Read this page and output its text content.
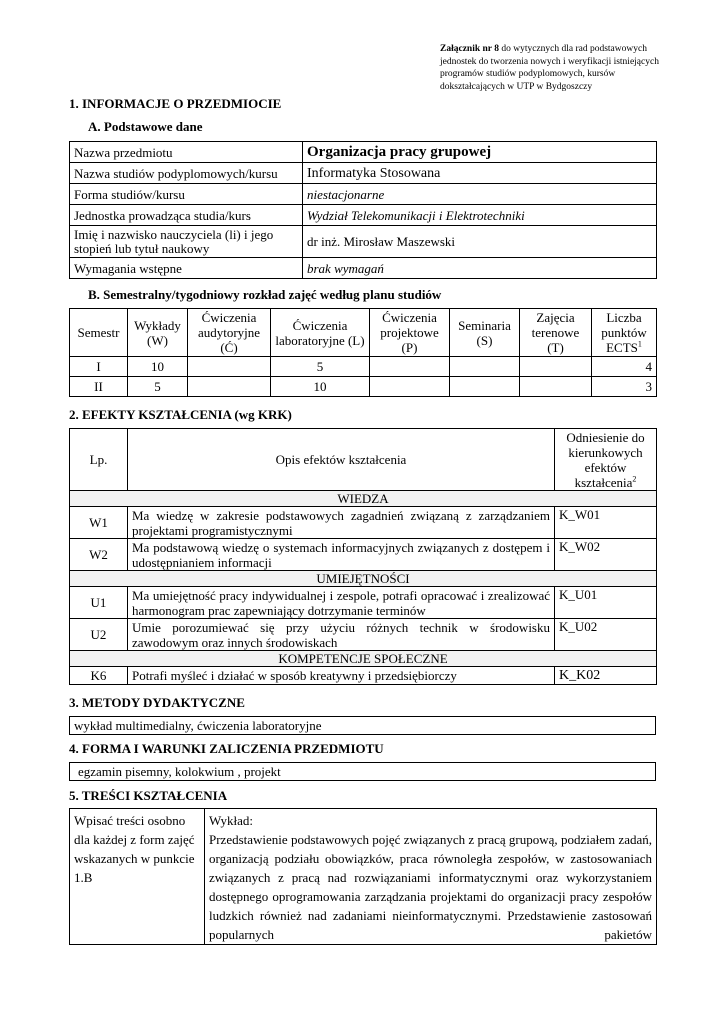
Załącznik nr 8 do wytycznych dla rad podstawowych jednostek do tworzenia nowych i weryfikacji istniejących programów studiów podyplomowych, kursów dokształcających w UTP w Bydgoszczy
1. INFORMACJE O PRZEDMIOCIE
A. Podstawowe dane
Nazwa przedmiotu	Organizacja pracy grupowej
Nazwa studiów podyplomowych/kursu	Informatyka Stosowana
Forma studiów/kursu	niestacjonarne
Jednostka prowadząca studia/kurs	Wydział Telekomunikacji i Elektrotechniki
Imię i nazwisko nauczyciela (li) i jego stopień lub tytuł naukowy	dr inż. Mirosław Maszewski
Wymagania wstępne	brak wymagań
B. Semestralny/tygodniowy rozkład zajęć według planu studiów
Semestr	Wykłady (W)	Ćwiczenia audytoryjne (Ć)	Ćwiczenia laboratoryjne (L)	Ćwiczenia projektowe (P)	Seminaria (S)	Zajęcia terenowe (T)	Liczba punktów ECTS$^1$
I	10		5				4
II	5		10				3
2. EFEKTY KSZTAŁCENIA (wg KRK)
Lp.	Opis efektów kształcenia	Odniesienie do kierunkowych efektów kształcenia$^2$
WIEDZA		
W1	Ma wiedzę w zakresie podstawowych zagadnień związaną z zarządzaniem projektami programistycznymi	K_W01
W2	Ma podstawową wiedzę o systemach informacyjnych związanych z dostępem i udostępnianiem informacji	K_W02
UMIEJĘTNOŚCI		
U1	Ma umiejętność pracy indywidualnej i zespole, potrafi opracować i zrealizować harmonogram prac zapewniający dotrzymanie terminów	K_U01
U2	Umie porozumiewać się przy użyciu różnych technik w środowisku zawodowym oraz innych środowiskach	K_U02
KOMPETENCJE SPOŁECZNE		
K6	Potrafi myśleć i działać w sposób kreatywny i przedsiębiorczy	K_K02
3. METODY DYDAKTYCZNE
wykład multimedialny, ćwiczenia laboratoryjne
4. FORMA I WARUNKI ZALICZENIA PRZEDMIOTU
egzamin pisemny, kolokwium , projekt
5. TREŚCI KSZTAŁCENIA
Wpisać treści osobno dla każdej z form zajęć wskazanych w punkcie 1.B	
Wykład:
Przedstawienie podstawowych pojęć związanych z pracą grupową, podziałem zadań, organizacją podziału obowiązków, praca równoległa zespołów, w zastosowaniach związanych z pracą nad rozwiązaniami informatycznymi oraz wykorzystaniem dostępnego oprogramowania zarządzania projektami do organizacji pracy zespołów ludzkich również nad zadaniami nieinformatycznymi. Przedstawienie zastosowań popularnych pakietów
